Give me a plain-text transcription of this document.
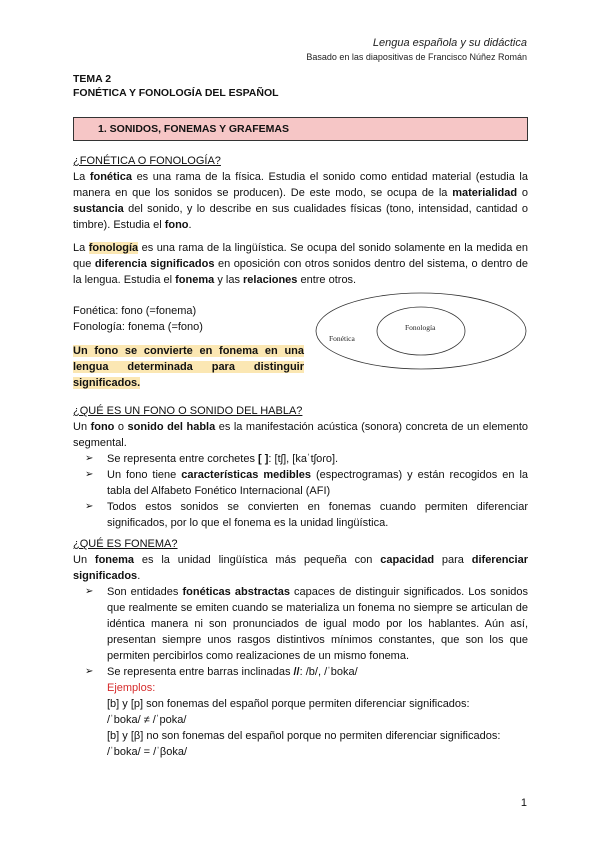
Lengua española y su didáctica
Basado en las diapositivas de Francisco Núñez Román
TEMA 2
FONÉTICA Y FONOLOGÍA DEL ESPAÑOL
1. SONIDOS, FONEMAS Y GRAFEMAS
¿FONÉTICA O FONOLOGÍA?
La fonética es una rama de la física. Estudia el sonido como entidad material (estudia la manera en que los sonidos se producen). De este modo, se ocupa de la materialidad o sustancia del sonido, y lo describe en sus cualidades físicas (tono, intensidad, cantidad o timbre). Estudia el fono.
La fonología es una rama de la lingüística. Se ocupa del sonido solamente en la medida en que diferencia significados en oposición con otros sonidos dentro del sistema, o dentro de la lengua. Estudia el fonema y las relaciones entre otros.
Fonética: fono (=fonema)
Fonología: fonema (=fono)
Un fono se convierte en fonema en una lengua determinada para distinguir significados.
Fonética
Fonología
¿QUÉ ES UN FONO O SONIDO DEL HABLA?
Un fono o sonido del habla es la manifestación acústica (sonora) concreta de un elemento segmental.
➢ Se representa entre corchetes [ ]: [tʃ], [kaˈtʃoɾo].
➢ Un fono tiene características medibles (espectrogramas) y están recogidos en la tabla del Alfabeto Fonético Internacional (AFI)
➢ Todos estos sonidos se convierten en fonemas cuando permiten diferenciar significados, por lo que el fonema es la unidad lingüística.
¿QUÉ ES FONEMA?
Un fonema es la unidad lingüística más pequeña con capacidad para diferenciar significados.
➢ Son entidades fonéticas abstractas capaces de distinguir significados. Los sonidos que realmente se emiten cuando se materializa un fonema no siempre se articulan de idéntica manera ni son pronunciados de igual modo por los hablantes. Aún así, presentan siempre unos rasgos distintivos mínimos constantes, que son los que permiten percibirlos como realizaciones de un mismo fonema.
➢ Se representa entre barras inclinadas //: /b/, /ˈboka/
Ejemplos:
[b] y [p] son fonemas del español porque permiten diferenciar significados:
/ˈboka/ ≠ /ˈpoka/
[b] y [β] no son fonemas del español porque no permiten diferenciar significados:
/ˈboka/ = /ˈβoka/
1
